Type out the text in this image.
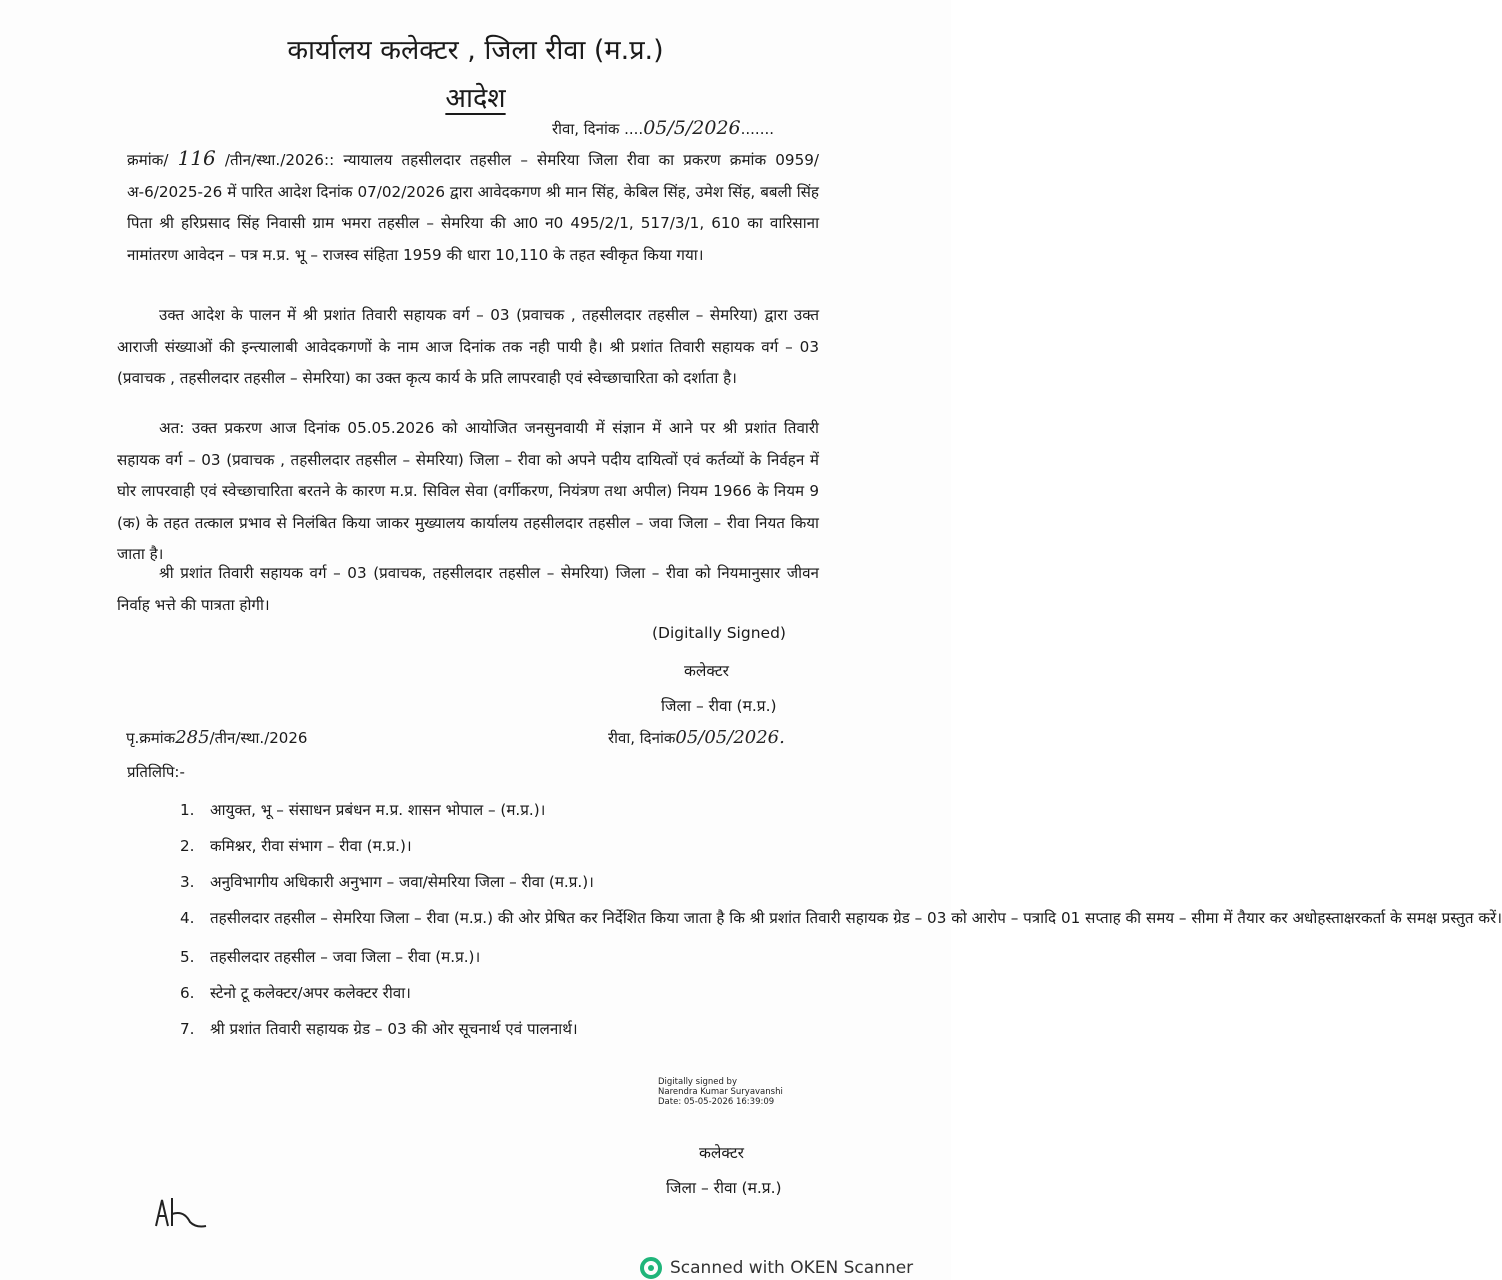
कार्यालय कलेक्टर , जिला रीवा (म.प्र.)
आदेश
रीवा, दिनांक ....05/5/2026.......
क्रमांक/ 116 /तीन/स्था./2026:: न्यायालय तहसीलदार तहसील – सेमरिया जिला रीवा का प्रकरण क्रमांक 0959/अ-6/2025-26 में पारित आदेश दिनांक 07/02/2026 द्वारा आवेदकगण श्री मान सिंह, केबिल सिंह, उमेश सिंह, बबली सिंह पिता श्री हरिप्रसाद सिंह निवासी ग्राम भमरा तहसील – सेमरिया की आ0 न0 495/2/1, 517/3/1, 610 का वारिसाना नामांतरण आवेदन – पत्र म.प्र. भू – राजस्व संहिता 1959 की धारा 10,110 के तहत स्वीकृत किया गया।
उक्त आदेश के पालन में श्री प्रशांत तिवारी सहायक वर्ग – 03 (प्रवाचक , तहसीलदार तहसील – सेमरिया) द्वारा उक्त आराजी संख्याओं की इन्त्यालाबी आवेदकगणों के नाम आज दिनांक तक नही पायी है। श्री प्रशांत तिवारी सहायक वर्ग – 03 (प्रवाचक , तहसीलदार तहसील – सेमरिया) का उक्त कृत्य कार्य के प्रति लापरवाही एवं स्वेच्छाचारिता को दर्शाता है।
अत: उक्त प्रकरण आज दिनांक 05.05.2026 को आयोजित जनसुनवायी में संज्ञान में आने पर श्री प्रशांत तिवारी सहायक वर्ग – 03 (प्रवाचक , तहसीलदार तहसील – सेमरिया) जिला – रीवा को अपने पदीय दायित्वों एवं कर्तव्यों के निर्वहन में घोर लापरवाही एवं स्वेच्छाचारिता बरतने के कारण म.प्र. सिविल सेवा (वर्गीकरण, नियंत्रण तथा अपील) नियम 1966 के नियम 9 (क) के तहत तत्काल प्रभाव से निलंबित किया जाकर मुख्यालय कार्यालय तहसीलदार तहसील – जवा जिला – रीवा नियत किया जाता है।
श्री प्रशांत तिवारी सहायक वर्ग – 03 (प्रवाचक, तहसीलदार तहसील – सेमरिया) जिला – रीवा को नियमानुसार जीवन निर्वाह भत्ते की पात्रता होगी।
(Digitally Signed)
कलेक्टर
जिला – रीवा (म.प्र.)
पृ.क्रमांक285/तीन/स्था./2026	रीवा, दिनांक05/05/2026.
प्रतिलिपि:-
1.	आयुक्त, भू – संसाधन प्रबंधन म.प्र. शासन भोपाल – (म.प्र.)।
2.	कमिश्नर, रीवा संभाग – रीवा (म.प्र.)।
3.	अनुविभागीय अधिकारी अनुभाग – जवा/सेमरिया जिला – रीवा (म.प्र.)।
4.	तहसीलदार तहसील – सेमरिया जिला – रीवा (म.प्र.) की ओर प्रेषित कर निर्देशित किया जाता है कि श्री प्रशांत तिवारी सहायक ग्रेड – 03 को आरोप – पत्रादि 01 सप्ताह की समय – सीमा में तैयार कर अधोहस्ताक्षरकर्ता के समक्ष प्रस्तुत करें।
5.	तहसीलदार तहसील – जवा जिला – रीवा (म.प्र.)।
6.	स्टेनो टू कलेक्टर/अपर कलेक्टर रीवा।
7.	श्री प्रशांत तिवारी सहायक ग्रेड – 03 की ओर सूचनार्थ एवं पालनार्थ।
Digitally signed by
Narendra Kumar Suryavanshi
Date: 05-05-2026 16:39:09
कलेक्टर
जिला – रीवा (म.प्र.)
Scanned with OKEN Scanner
